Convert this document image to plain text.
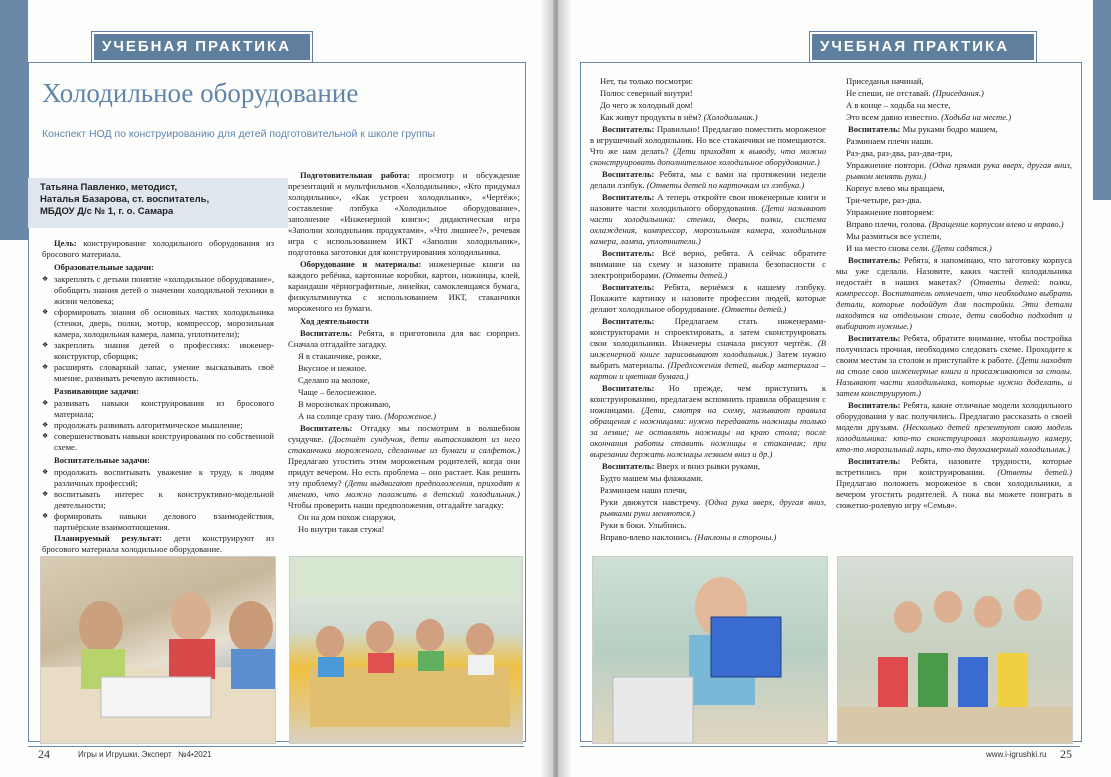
УЧЕБНАЯ ПРАКТИКА
Холодильное оборудование
Конспект НОД по конструированию для детей подготовительной к школе группы
Татьяна Павленко, методист,
Наталья Базарова, ст. воспитатель,
МБДОУ Д/с № 1, г. о. Самара

Цель: конструирование холодильного оборудования из бросового материала.

Образовательные задачи:

❖ закреплять с детьми понятие «холодильное оборудование», обобщить знания детей о значении холодильной техники в жизни человека;

❖ сформировать знания об основных частях холодильника (стенки, дверь, полки, мотор, компрессор, морозильная камера, холодильная камера, лампа, уплотнители);

❖ закреплять знания детей о профессиях: инженер-конструктор, сборщик;

❖ расширять словарный запас, умение высказывать своё мнение, развивать речевую активность.

Развивающие задачи:

❖ развивать навыки конструирования из бросового материала;

❖ продолжать развивать алгоритмическое мышление;

❖ совершенствовать навыки конструирования по собственной схеме.

Воспитательные задачи:

❖ продолжать воспитывать уважение к труду, к людям различных профессий;

❖ воспитывать интерес к конструктивно-модельной деятельности;

❖ формировать навыки делового взаимодействия, партнёрские взаимоотношения.

Планируемый результат: дети конструируют из бросового материала холодильное оборудование.

Подготовительная работа: просмотр и обсуждение презентаций и мультфильмов «Холодильник», «Кто придумал холодильник», «Как устроен холодильник», «Чертёж»; составление лэпбука «Холодильное оборудование», заполнение «Инженерной книги»; дидактическая игра «Заполни холодильник продуктами», «Что лишнее?», речевая игра с использованием ИКТ «Заполни холодильник», подготовка заготовки для конструирования холодильника.

Оборудование и материалы: инженерные книги на каждого ребёнка, картонные коробки, картон, ножницы, клей, карандаши чёрнографитные, линейки, самоклеящаяся бумага, физкультминутка с использованием ИКТ, стаканчики мороженого из бумаги.

Ход деятельности

Воспитатель: Ребята, я приготовила для вас сюрприз. Сначала отгадайте загадку.

Я в стаканчике, рожке,

Вкусное и нежное.

Сделано на молоке,

Чаще – белоснежное.

В морозилках проживаю,

А на солнце сразу таю. (Мороженое.)

Воспитатель: Отгадку мы посмотрим в волшебном сундучке. (Достаёт сундучок, дети вытаскивают из него стаканчики мороженого, сделанные из бумаги и салфеток.) Предлагаю угостить этим мороженым родителей, когда они придут вечером. Но есть проблема – оно растает. Как решить эту проблему? (Дети выдвигают предположения, приходят к мнению, что можно положить в детский холодильник.) Чтобы проверить наши предположения, отгадайте загадку:

Он на дом похож снаружи,

Но внутри такая стужа!

24	Игры и Игрушки. Эксперт №4•2021
УЧЕБНАЯ ПРАКТИКА

Нет, ты только посмотри:

Полюс северный внутри!

До чего ж холодный дом!

Как живут продукты в нём? (Холодильник.)

Воспитатель: Правильно! Предлагаю поместить мороженое в игрушечный холодильник. Но все стаканчики не помещаются. Что же нам делать? (Дети приходят к выводу, что можно сконструировать дополнительное холодильное оборудование.)

Воспитатель: Ребята, мы с вами на протяжении недели делали лэпбук. (Ответы детей по карточкам из лэпбука.)

Воспитатель: А теперь откройте свои инженерные книги и назовите части холодильного оборудования. (Дети называют части холодильника: стенки, дверь, полки, система охлаждения, компрессор, морозильная камера, холодильная камера, лампа, уплотнители.)

Воспитатель: Всё верно, ребята. А сейчас обратите внимание на схему и назовите правила безопасности с электроприборами. (Ответы детей.)

Воспитатель: Ребята, вернёмся к нашему лэпбуку. Покажите картинку и назовите профессии людей, которые делают холодильное оборудование. (Ответы детей.)

Воспитатель: Предлагаем стать инженерами-конструкторами и спроектировать, а затем сконструировать свои холодильники. Инженеры сначала рисуют чертёж. (В инженерной книге зарисовывают холодильник.) Затем нужно выбрать материалы. (Предложения детей, выбор материала – картон и цветная бумага.)

Воспитатель: Но прежде, чем приступить к конструированию, предлагаем вспомнить правила обращения с ножницами. (Дети, смотря на схему, называют правила обращения с ножницами: нужно передавать ножницы только за лезвие; не оставлять ножницы на краю стола; после окончания работы ставить ножницы в стаканчик; при вырезании держать ножницы лезвием вниз и др.)

Воспитатель: Вверх и вниз рывки руками,

Будто машем мы флажками.

Разминаем наши плечи,

Руки движутся навстречу. (Одна рука вверх, другая вниз, рывками руки меняются.)

Руки в боки. Улыбнись.

Вправо-влево наклонись. (Наклоны в стороны.)

Приседанья начинай,

Не спеши, не отставай. (Приседания.)

А в конце – ходьба на месте,

Это всем давно известно. (Ходьба на месте.)

Воспитатель: Мы руками бодро машем,

Разминаем плечи наши.

Раз-два, раз-два, раз-два-три,

Упражнение повтори. (Одна прямая рука вверх, другая вниз, рывком менять руки.)

Корпус влево мы вращаем,

Три-четыре, раз-два.

Упражнение повторяем:

Вправо плечи, голова. (Вращение корпусом влево и вправо.)

Мы размяться все успели,

И на место снова сели. (Дети садятся.)

Воспитатель: Ребята, я напоминаю, что заготовку корпуса мы уже сделали. Назовите, каких частей холодильника недостаёт в наших макетах? (Ответы детей: полки, компрессор. Воспитатель отмечает, что необходимо выбрать детали, которые подойдут для постройки. Эти детали находятся на отдельном столе, дети свободно подходят и выбирают нужные.)

Воспитатель: Ребята, обратите внимание, чтобы постройка получилась прочная, необходимо следовать схеме. Проходите к своим местам за столом и приступайте к работе. (Дети находят на столе свои инженерные книги и присаживаются за столы. Называют части холодильника, которые нужно доделать, и затем конструируют.)

Воспитатель: Ребята, какие отличные модели холодильного оборудования у вас получились. Предлагаю рассказать о своей модели друзьям. (Несколько детей презентуют свою модель холодильника: кто-то сконструировал морозильную камеру, кто-то морозильный ларь, кто-то двухкамерный холодильник.)

Воспитатель: Ребята, назовите трудности, которые встретились при конструировании. (Ответы детей.) Предлагаю положить мороженое в свои холодильники, а вечером угостить родителей. А пока вы можете поиграть в сюжетно-ролевую игру «Семья».

www.i-igrushki.ru 25
